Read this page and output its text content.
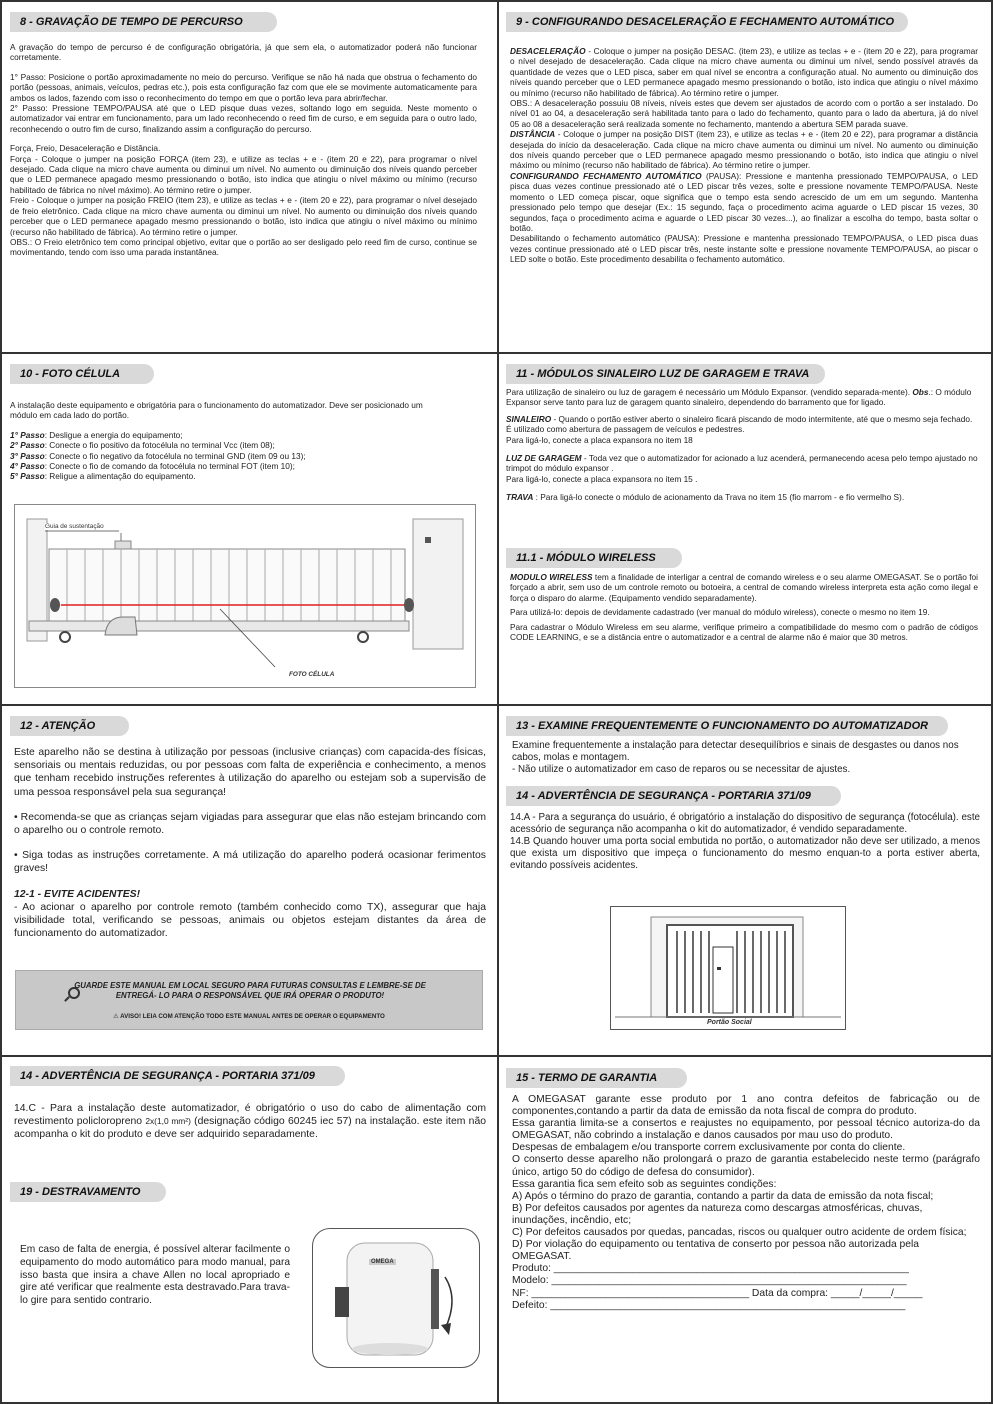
8 - GRAVAÇÃO DE TEMPO DE PERCURSO

A gravação do tempo de percurso é de configuração obrigatória, já que sem ela, o automatizador poderá não funcionar corretamente.

1° Passo: Posicione o portão aproximadamente no meio do percurso. Verifique se não há nada que obstrua o fechamento do portão (pessoas, animais, veículos, pedras etc.), pois esta configuração faz com que ele se movimente automaticamente para ambos os lados, fazendo com isso o reconhecimento do tempo em que o portão leva para abrir/fechar.

2° Passo: Pressione TEMPO/PAUSA até que o LED pisque duas vezes, soltando logo em seguida. Neste momento o automatizador vai entrar em funcionamento, para um lado reconhecendo o reed fim de curso, e em seguida para o outro lado, reconhecendo o outro fim de curso, finalizando assim a configuração do percurso.

Força, Freio, Desaceleração e Distância.

Força - Coloque o jumper na posição FORÇA (item 23), e utilize as teclas + e - (item 20 e 22), para programar o nível desejado. Cada clique na micro chave aumenta ou diminui um nível. No aumento ou diminuição dos níveis quando perceber que o LED permanece apagado mesmo pressionando o botão, isto indica que atingiu o nível máximo ou mínimo (recurso habilitado de fábrica no nível máximo). Ao término retire o jumper.

Freio - Coloque o jumper na posição FREIO (item 23), e utilize as teclas + e - (item 20 e 22), para programar o nível desejado de freio eletrônico. Cada clique na micro chave aumenta ou diminui um nível. No aumento ou diminuição dos níveis quando perceber que o LED permanece apagado mesmo pressionando o botão, isto indica que atingiu o nível máximo ou mínimo (recurso não habilitado de fábrica). Ao término retire o jumper.

OBS.: O Freio eletrônico tem como principal objetivo, evitar que o portão ao ser desligado pelo reed fim de curso, continue se movimentando, tendo com isso uma parada instantânea.

9 - CONFIGURANDO DESACELERAÇÃO E FECHAMENTO AUTOMÁTICO

DESACELERAÇÃO - Coloque o jumper na posição DESAC. (item 23), e utilize as teclas + e - (item 20 e 22), para programar o nível desejado de desaceleração. Cada clique na micro chave aumenta ou diminui um nível, sendo possível através da quantidade de vezes que o LED pisca, saber em qual nível se encontra a configuração atual. No aumento ou diminuição dos níveis quando perceber que o LED permanece apagado mesmo pressionando o botão, isto indica que atingiu o nível máximo ou mínimo (recurso não habilitado de fábrica). Ao término retire o jumper.

OBS.: A desaceleração possuiu 08 níveis, níveis estes que devem ser ajustados de acordo com o portão a ser instalado. Do nível 01 ao 04, a desaceleração será habilitada tanto para o lado do fechamento, quanto para o lado da abertura, já do nível 05 ao 08 a desaceleração será realizada somente no fechamento, mantendo a abertura SEM parada suave.

DISTÂNCIA - Coloque o jumper na posição DIST (item 23), e utilize as teclas + e - (item 20 e 22), para programar a distância desejada do início da desaceleração. Cada clique na micro chave aumenta ou diminui um nível. No aumento ou diminuição dos níveis quando perceber que o LED permanece apagado mesmo pressionando o botão, isto indica que atingiu o nível máximo ou mínimo (recurso não habilitado de fábrica). Ao término retire o jumper.

CONFIGURANDO FECHAMENTO AUTOMÁTICO (PAUSA): Pressione e mantenha pressionado TEMPO/PAUSA, o LED pisca duas vezes continue pressionado até o LED piscar três vezes, solte e pressione novamente TEMPO/PAUSA. Neste momento o LED começa piscar, oque significa que o tempo esta sendo acrescido de um em um segundo. Mantenha pressionado pelo tempo que desejar (Ex.: 15 segundo, faça o procedimento acima aguarde o LED piscar 15 vezes, 30 segundos, faça o procedimento acima e aguarde o LED piscar 30 vezes...), ao finalizar a escolha do tempo, basta soltar o botão.

Desabilitando o fechamento automático (PAUSA): Pressione e mantenha pressionado TEMPO/PAUSA, o LED pisca duas vezes continue pressionado até o LED piscar três, neste instante solte e pressione novamente TEMPO/PAUSA, ao piscar o LED solte o botão. Este procedimento desabilita o fechamento automático.

10 - FOTO CÉLULA

A instalação deste equipamento e obrigatória para o funcionamento do automatizador. Deve ser posicionado um módulo em cada lado do portão.

1° Passo: Desligue a energia do equipamento;

2° Passo: Conecte o fio positivo da fotocélula no terminal Vcc (item 08);

3° Passo: Conecte o fio negativo da fotocélula no terminal GND (item 09 ou 13);

4° Passo: Conecte o fio de comando da fotocélula no terminal FOT (item 10);

5° Passo: Religue a alimentação do equipamento.

Guia de sustentação
FOTO CÉLULA
11 - MÓDULOS SINALEIRO LUZ DE GARAGEM E TRAVA

Para utilização de sinaleiro ou luz de garagem é necessário um Módulo Expansor. (vendido separada-mente). Obs.: O módulo Expansor serve tanto para luz de garagem quanto sinaleiro, dependendo do barramento que for ligado.

SINALEIRO - Quando o portão estiver aberto o sinaleiro ficará piscando de modo intermitente, até que o mesmo seja fechado. É utilizado como abertura de passagem de veículos e pedestres.

Para ligá-lo, conecte a placa expansora no item 18

LUZ DE GARAGEM - Toda vez que o automatizador for acionado a luz acenderá, permanecendo acesa pelo tempo ajustado no trimpot do módulo expansor .

Para ligá-lo, conecte a placa expansora no item 15 .

TRAVA : Para ligá-lo conecte o módulo de acionamento da Trava no item 15 (fio marrom - e fio vermelho S).

11.1 - MÓDULO WIRELESS

MODULO WIRELESS tem a finalidade de interligar a central de comando wireless e o seu alarme OMEGASAT. Se o portão foi forçado a abrir, sem uso de um controle remoto ou botoeira, a central de comando wireless interpreta esta ação como ilegal e força o disparo do alarme. (Equipamento vendido separadamente).

Para utilizá-lo: depois de devidamente cadastrado (ver manual do módulo wireless), conecte o mesmo no item 19.

Para cadastrar o Módulo Wireless em seu alarme, verifique primeiro a compatibilidade do mesmo com o padrão de códigos CODE LEARNING, e se a distância entre o automatizador e a central de alarme não é maior que 30 metros.

12 - ATENÇÃO

Este aparelho não se destina à utilização por pessoas (inclusive crianças) com capacida-des físicas, sensoriais ou mentais reduzidas, ou por pessoas com falta de experiência e conhecimento, a menos que tenham recebido instruções referentes à utilização do aparelho ou estejam sob a supervisão de uma pessoa responsável pela sua segurança!

• Recomenda-se que as crianças sejam vigiadas para assegurar que elas não estejam brincando com o aparelho ou o controle remoto.

• Siga todas as instruções corretamente. A má utilização do aparelho poderá ocasionar ferimentos graves!

12-1 - EVITE ACIDENTES!

- Ao acionar o aparelho por controle remoto (também conhecido como TX), assegurar que haja visibilidade total, verificando se pessoas, animais ou objetos estejam distantes da área de funcionamento do automatizador.

GUARDE ESTE MANUAL EM LOCAL SEGURO PARA FUTURAS CONSULTAS E LEMBRE-SE DE ENTREGÁ- LO PARA O RESPONSÁVEL QUE IRÁ OPERAR O PRODUTO!
⚠ AVISO! LEIA COM ATENÇÃO TODO ESTE MANUAL ANTES DE OPERAR O EQUIPAMENTO
13 - EXAMINE FREQUENTEMENTE O FUNCIONAMENTO DO AUTOMATIZADOR

Examine frequentemente a instalação para detectar desequilíbrios e sinais de desgastes ou danos nos cabos, molas e montagem.

- Não utilize o automatizador em caso de reparos ou se necessitar de ajustes.

14 - ADVERTÊNCIA DE SEGURANÇA - PORTARIA 371/09

14.A - Para a segurança do usuário, é obrigatório a instalação do dispositivo de segurança (fotocélula). este acessório de segurança não acompanha o kit do automatizador, é vendido separadamente.

14.B Quando houver uma porta social embutida no portão, o automatizador não deve ser utilizado, a menos que exista um dispositivo que impeça o funcionamento do mesmo enquan-to a porta estiver aberta, evitando possíveis acidentes.

Portão Social
14 - ADVERTÊNCIA DE SEGURANÇA - PORTARIA 371/09

14.C - Para a instalação deste automatizador, é obrigatório o uso do cabo de alimentação com revestimento policloropreno 2x(1,0 mm²) (designação código 60245 iec 57) na instalação. este item não acompanha o kit do produto e deve ser adquirido separadamente.

19 - DESTRAVAMENTO
Em caso de falta de energia, é possível alterar facilmente o equipamento do modo automático para modo manual, para isso basta que insira a chave Allen no local apropriado e gire até verificar que realmente esta destravado.Para trava-lo gire para sentido contrario.
OMEGA
15 - TERMO DE GARANTIA

A OMEGASAT garante esse produto por 1 ano contra defeitos de fabricação ou de componentes,contando a partir da data de emissão da nota fiscal de compra do produto.

Essa garantia limita-se a consertos e reajustes no equipamento, por pessoal técnico autoriza-do da OMEGASAT, não cobrindo a instalação e danos causados por mau uso do produto.

Despesas de embalagem e/ou transporte correm exclusivamente por conta do cliente.

O conserto desse aparelho não prolongará o prazo de garantia estabelecido neste termo (parágrafo único, artigo 50 do código de defesa do consumidor).

Essa garantia fica sem efeito sob as seguintes condições:

A) Após o término do prazo de garantia, contando a partir da data de emissão da nota fiscal;

B) Por defeitos causados por agentes da natureza como descargas atmosféricas, chuvas, inundações, incêndio, etc;

C) Por defeitos causados por quedas, pancadas, riscos ou qualquer outro acidente de ordem física;

D) Por violação do equipamento ou tentativa de conserto por pessoa não autorizada pela OMEGASAT.

Produto: ______________________________________________________________

Modelo: ______________________________________________________________

NF: ______________________________________ Data da compra: _____/_____/_____

Defeito: ______________________________________________________________
